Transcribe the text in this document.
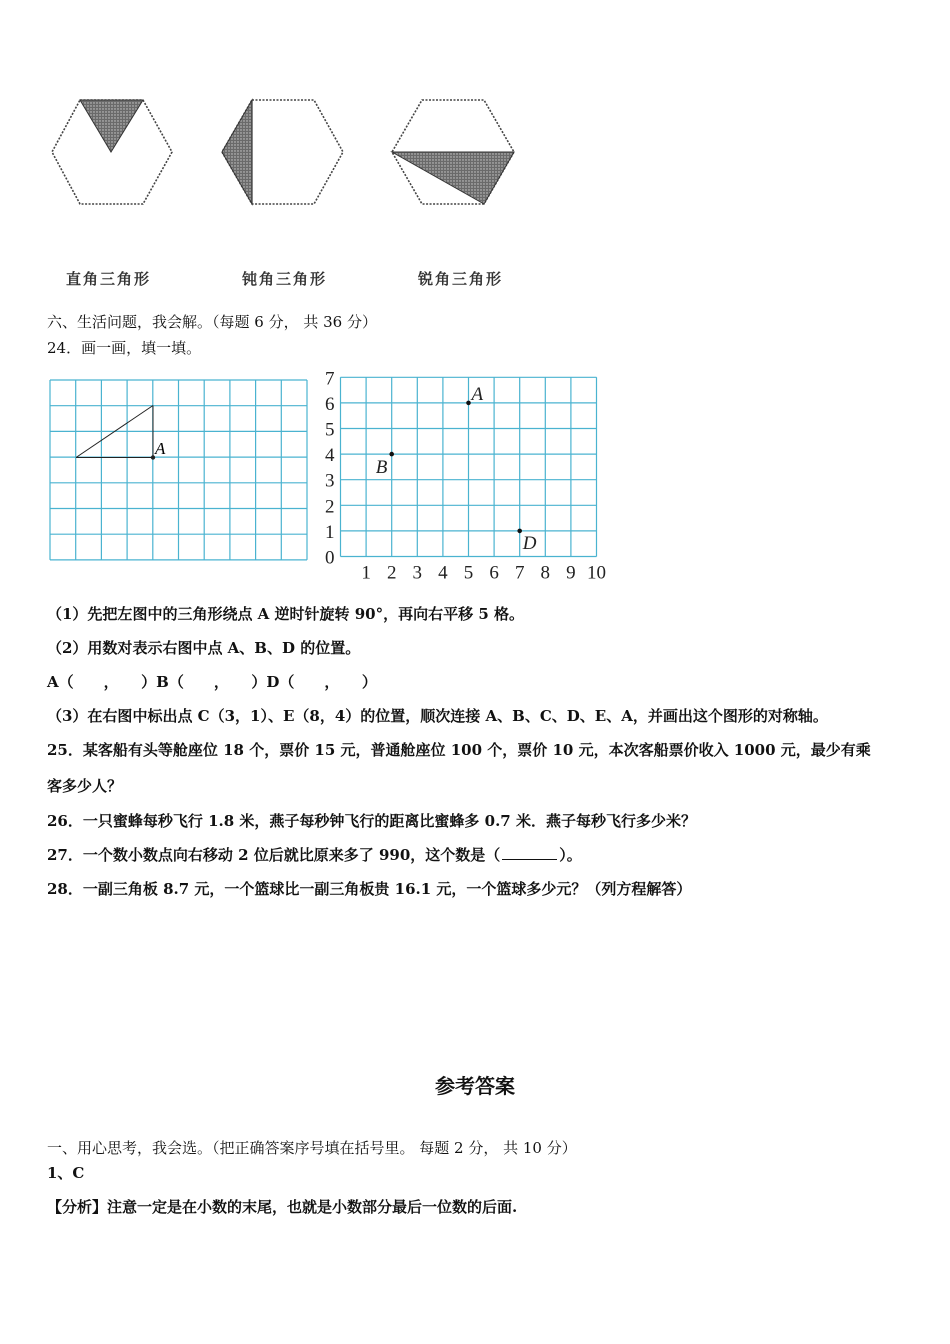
直角三角形	钝角三角形	锐角三角形
六、生活问题，我会解。（每题 6 分， 共 36 分）
24．画一画，填一填。
A
7
6
5
4
3
2
1
0
1 2 3 4 5 6 7 8 9 10
A
B
D
（1）先把左图中的三角形绕点 A 逆时针旋转 90°，再向右平移 5 格。
（2）用数对表示右图中点 A、B、D 的位置。
A（　　，　　）B（　　，　　）D（　　，　　）
（3）在右图中标出点 C（3，1）、E（8，4）的位置，顺次连接 A、B、C、D、E、A，并画出这个图形的对称轴。
25．某客船有头等舱座位 18 个，票价 15 元，普通舱座位 100 个，票价 10 元，本次客船票价收入 1000 元，最少有乘
客多少人？
26．一只蜜蜂每秒飞行 1.8 米，燕子每秒钟飞行的距离比蜜蜂多 0.7 米．燕子每秒飞行多少米？
27．一个数小数点向右移动 2 位后就比原来多了 990，这个数是（	）。
28．一副三角板 8.7 元，一个篮球比一副三角板贵 16.1 元，一个篮球多少元？（列方程解答）
参考答案
一、用心思考，我会选。（把正确答案序号填在括号里。 每题 2 分， 共 10 分）
1、C
【分析】注意一定是在小数的末尾，也就是小数部分最后一位数的后面.
